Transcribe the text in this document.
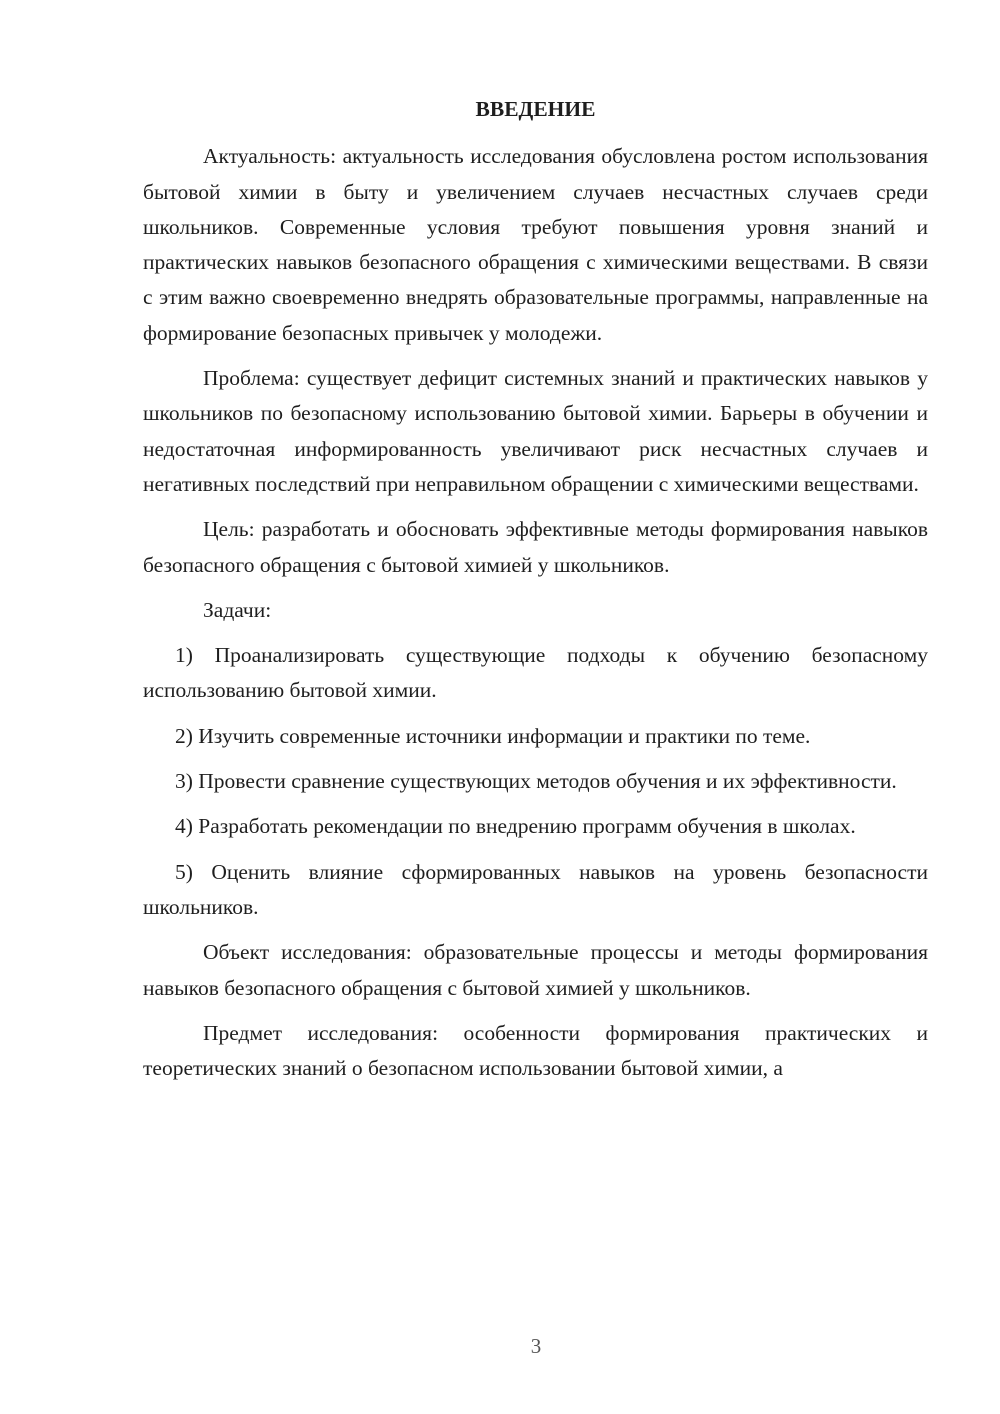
ВВЕДЕНИЕ

Актуальность: актуальность исследования обусловлена ростом использования бытовой химии в быту и увеличением случаев несчастных случаев среди школьников. Современные условия требуют повышения уровня знаний и практических навыков безопасного обращения с химическими веществами. В связи с этим важно своевременно внедрять образовательные программы, направленные на формирование безопасных привычек у молодежи.

Проблема: существует дефицит системных знаний и практических навыков у школьников по безопасному использованию бытовой химии. Барьеры в обучении и недостаточная информированность увеличивают риск несчастных случаев и негативных последствий при неправильном обращении с химическими веществами.

Цель: разработать и обосновать эффективные методы формирования навыков безопасного обращения с бытовой химией у школьников.

Задачи:

1) Проанализировать существующие подходы к обучению безопасному использованию бытовой химии.

2) Изучить современные источники информации и практики по теме.

3) Провести сравнение существующих методов обучения и их эффективности.

4) Разработать рекомендации по внедрению программ обучения в школах.

5) Оценить влияние сформированных навыков на уровень безопасности школьников.

Объект исследования: образовательные процессы и методы формирования навыков безопасного обращения с бытовой химией у школьников.

Предмет исследования: особенности формирования практических и теоретических знаний о безопасном использовании бытовой химии, а

3
